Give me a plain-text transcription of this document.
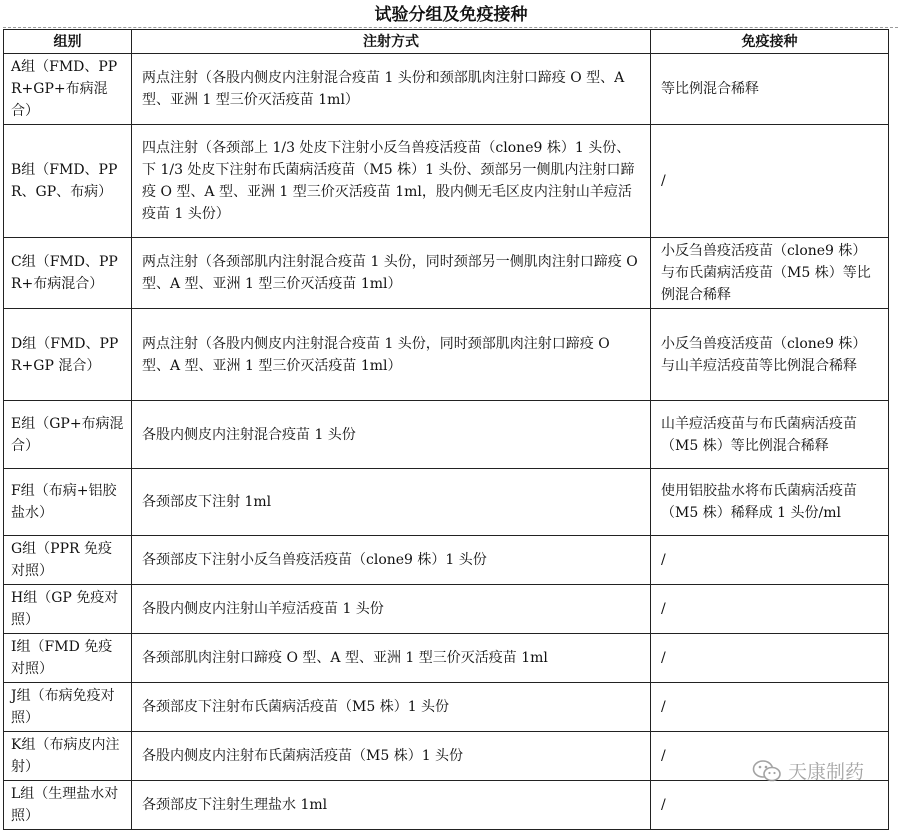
试验分组及免疫接种
组别	注射方式	免疫接种
A组（FMD、PPR+GP+布病混合）	两点注射（各股内侧皮内注射混合疫苗 1 头份和颈部肌肉注射口蹄疫 O 型、A 型、亚洲 1 型三价灭活疫苗 1ml）	等比例混合稀释
B组（FMD、PPR、GP、布病）	四点注射（各颈部上 1/3 处皮下注射小反刍兽疫活疫苗（clone9 株）1 头份、下 1/3 处皮下注射布氏菌病活疫苗（M5 株）1 头份、颈部另一侧肌内注射口蹄疫 O 型、A 型、亚洲 1 型三价灭活疫苗 1ml，股内侧无毛区皮内注射山羊痘活疫苗 1 头份）	/
C组（FMD、PPR+布病混合）	两点注射（各颈部肌内注射混合疫苗 1 头份，同时颈部另一侧肌肉注射口蹄疫 O 型、A 型、亚洲 1 型三价灭活疫苗 1ml）	小反刍兽疫活疫苗（clone9 株）与布氏菌病活疫苗（M5 株）等比例混合稀释
D组（FMD、PPR+GP 混合）	两点注射（各股内侧皮内注射混合疫苗 1 头份，同时颈部肌肉注射口蹄疫 O 型、A 型、亚洲 1 型三价灭活疫苗 1ml）	小反刍兽疫活疫苗（clone9 株）与山羊痘活疫苗等比例混合稀释
E组（GP+布病混合）	各股内侧皮内注射混合疫苗 1 头份	山羊痘活疫苗与布氏菌病活疫苗（M5 株）等比例混合稀释
F组（布病+铝胶盐水）	各颈部皮下注射 1ml	使用铝胶盐水将布氏菌病活疫苗（M5 株）稀释成 1 头份/ml
G组（PPR 免疫对照）	各颈部皮下注射小反刍兽疫活疫苗（clone9 株）1 头份	/
H组（GP 免疫对照）	各股内侧皮内注射山羊痘活疫苗 1 头份	/
I组（FMD 免疫对照）	各颈部肌肉注射口蹄疫 O 型、A 型、亚洲 1 型三价灭活疫苗 1ml	/
J组（布病免疫对照）	各颈部皮下注射布氏菌病活疫苗（M5 株）1 头份	/
K组（布病皮内注射）	各股内侧皮内注射布氏菌病活疫苗（M5 株）1 头份	/
L组（生理盐水对照）	各颈部皮下注射生理盐水 1ml	/
天康制药
